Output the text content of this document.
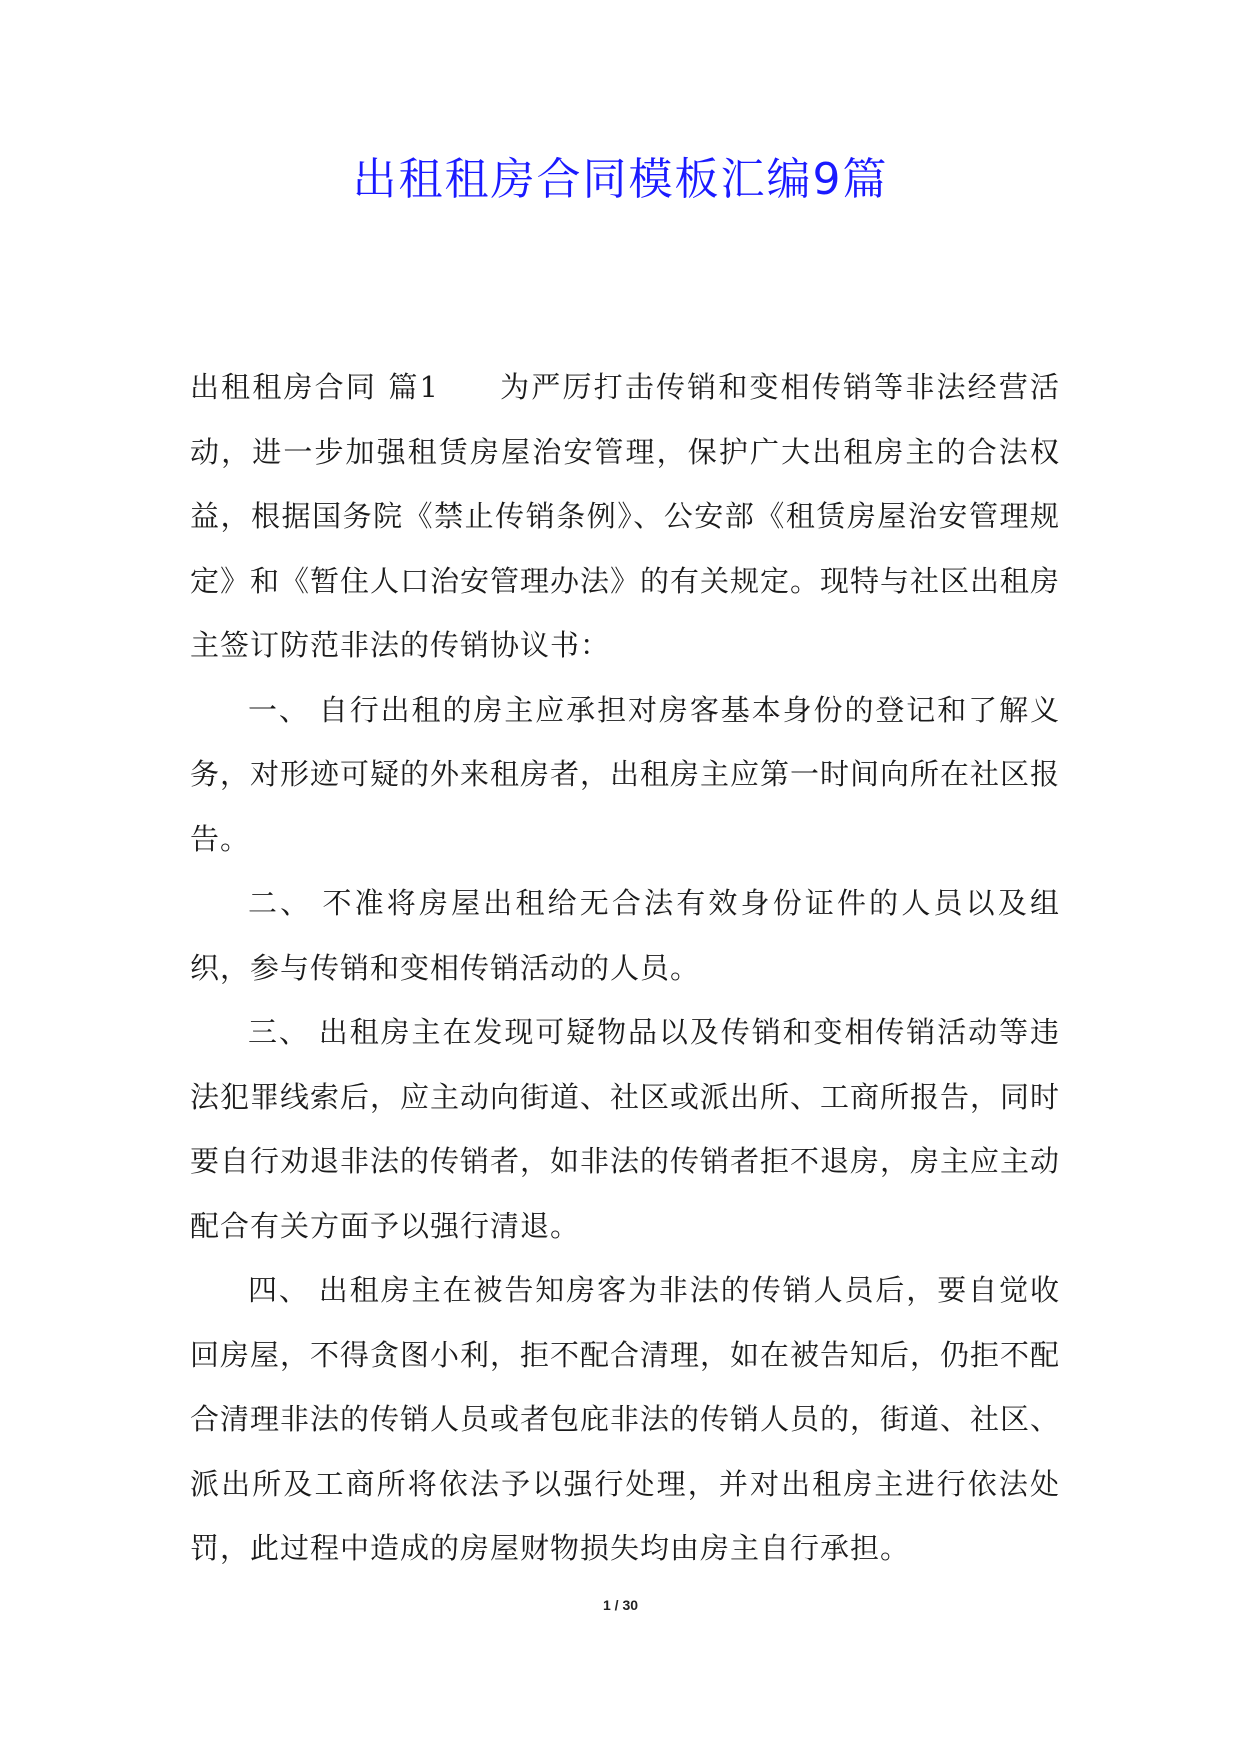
出租租房合同模板汇编9篇

出租租房合同 篇1 为严厉打击传销和变相传销等非法经营活动，进一步加强租赁房屋治安管理，保护广大出租房主的合法权益，根据国务院《禁止传销条例》、公安部《租赁房屋治安管理规定》和《暂住人口治安管理办法》的有关规定。现特与社区出租房主签订防范非法的传销协议书：

一、 自行出租的房主应承担对房客基本身份的登记和了解义务，对形迹可疑的外来租房者，出租房主应第一时间向所在社区报告。

二、 不准将房屋出租给无合法有效身份证件的人员以及组织，参与传销和变相传销活动的人员。

三、 出租房主在发现可疑物品以及传销和变相传销活动等违法犯罪线索后，应主动向街道、社区或派出所、工商所报告，同时要自行劝退非法的传销者，如非法的传销者拒不退房，房主应主动配合有关方面予以强行清退。

四、 出租房主在被告知房客为非法的传销人员后，要自觉收回房屋，不得贪图小利，拒不配合清理，如在被告知后，仍拒不配合清理非法的传销人员或者包庇非法的传销人员的，街道、社区、派出所及工商所将依法予以强行处理，并对出租房主进行依法处罚，此过程中造成的房屋财物损失均由房主自行承担。

1 / 30
